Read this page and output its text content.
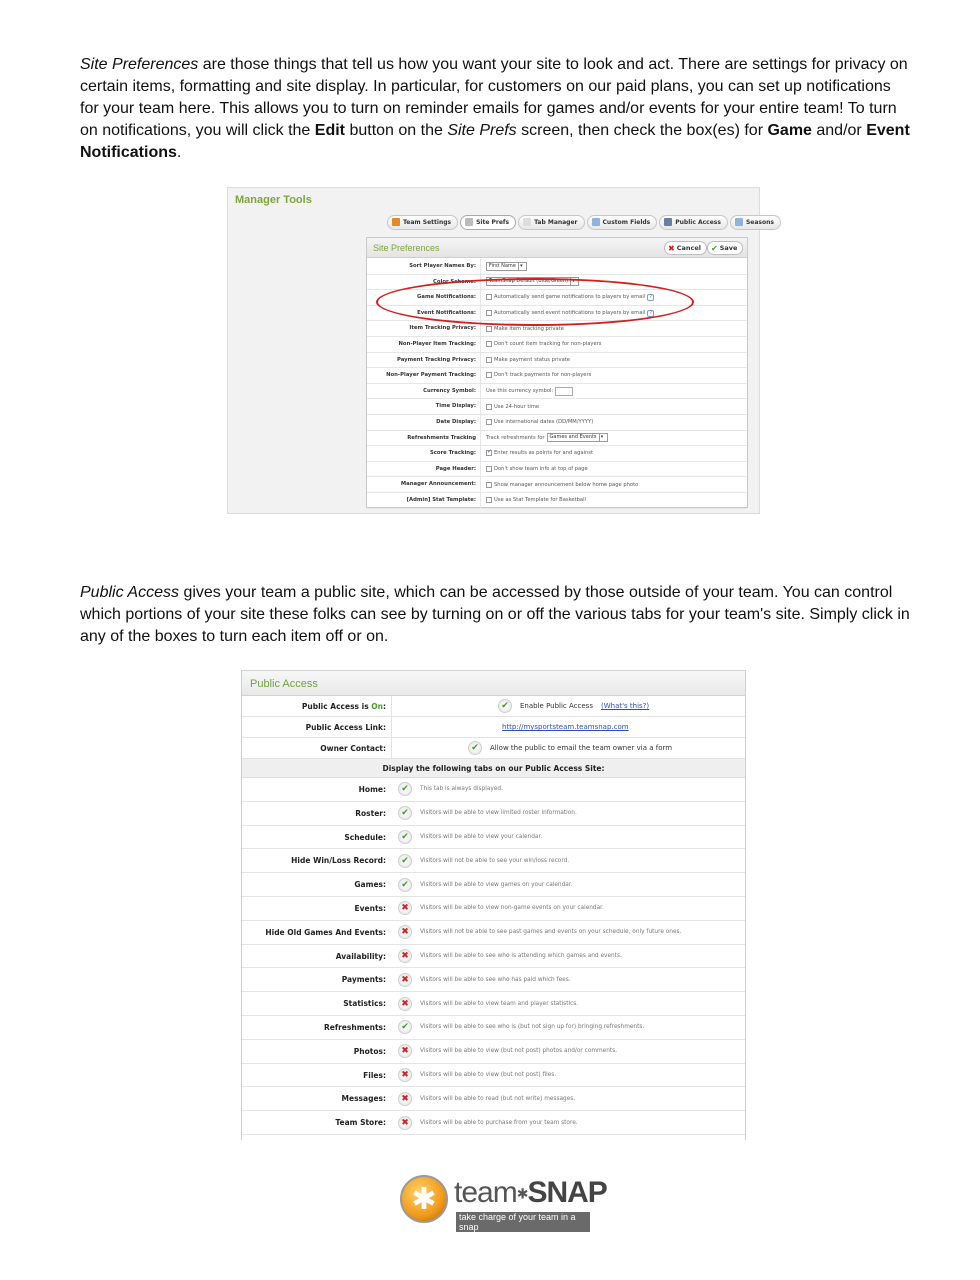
Site Preferences are those things that tell us how you want your site to look and act. There are settings for privacy on certain items, formatting and site display. In particular, for customers on our paid plans, you can set up notifications for your team here. This allows you to turn on reminder emails for games and/or events for your entire team! To turn on notifications, you will click the Edit button on the Site Prefs screen, then check the box(es) for Game and/or Event Notifications.

Manager Tools
Team Settings	Site Prefs	Tab Manager	Custom Fields	Public Access	Seasons
Site Preferences	✖ Cancel ✔ Save
Sort Player Names By:	First Name ▾
Color Scheme:	TeamSnap Default (Blue/Green) ▾
Game Notifications:	Automatically send game notifications to players by email ?
Event Notifications:	Automatically send event notifications to players by email ?
Item Tracking Privacy:	Make item tracking private
Non-Player Item Tracking:	Don't count item tracking for non-players
Payment Tracking Privacy:	Make payment status private
Non-Player Payment Tracking:	Don't track payments for non-players
Currency Symbol:	Use this currency symbol:
Time Display:	Use 24-hour time
Date Display:	Use international dates (DD/MM/YYYY)
Refreshments Tracking	Track refreshments for Games and Events ▾
Score Tracking:
✓	Enter results as points for and against
Page Header:	Don't show team info at top of page
Manager Announcement:	Show manager announcement below home page photo
[Admin] Stat Template:	Use as Stat Template for Basketball

Public Access gives your team a public site, which can be accessed by those outside of your team. You can control which portions of your site these folks can see by turning on or off the various tabs for your team's site. Simply click in any of the boxes to turn each item off or on.

Public Access
Public Access is On:	✔	Enable Public Access (What's this?)
Public Access Link:	http://mysportsteam.teamsnap.com
Owner Contact:	✔	Allow the public to email the team owner via a form
Display the following tabs on our Public Access Site:
Home:	✔	This tab is always displayed.
Roster:	✔	Visitors will be able to view limited roster information.
Schedule:	✔	Visitors will be able to view your calendar.
Hide Win/Loss Record:	✔	Visitors will not be able to see your win/loss record.
Games:	✔	Visitors will be able to view games on your calendar.
Events:	✖	Visitors will be able to view non-game events on your calendar.
Hide Old Games And Events:	✖	Visitors will not be able to see past games and events on your schedule, only future ones.
Availability:	✖	Visitors will be able to see who is attending which games and events.
Payments:	✖	Visitors will be able to see who has paid which fees.
Statistics:	✖	Visitors will be able to view team and player statistics.
Refreshments:	✔	Visitors will be able to see who is (but not sign up for) bringing refreshments.
Photos:	✖	Visitors will be able to view (but not post) photos and/or comments.
Files:	✖	Visitors will be able to view (but not post) files.
Messages:	✖	Visitors will be able to read (but not write) messages.
Team Store:	✖	Visitors will be able to purchase from your team store.
✱ team✱SNAP
take charge of your team in a snap
